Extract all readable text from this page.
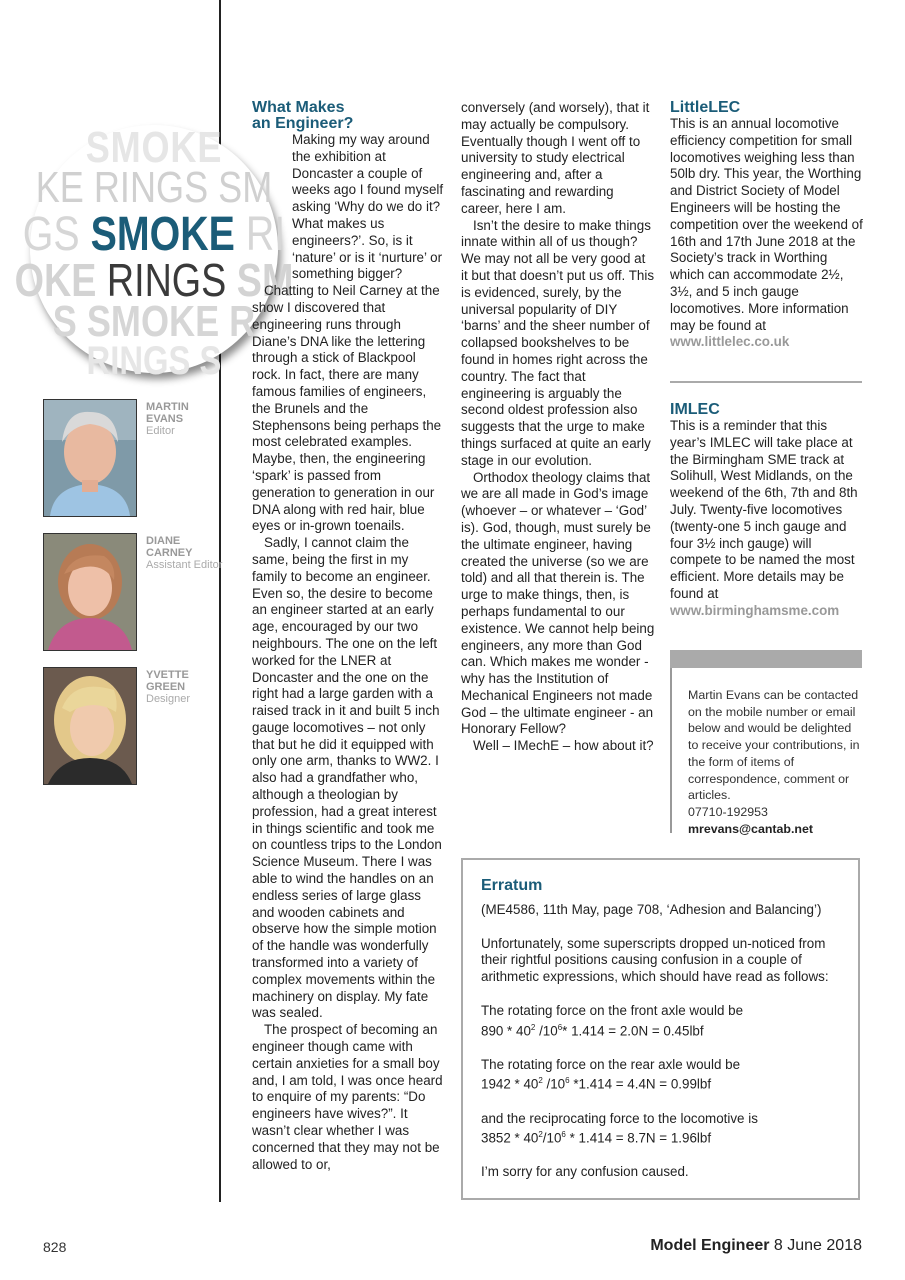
SMOKE
KE RINGS SM
GS SMOKE RI
OKE RINGS SM
S SMOKE R
RINGS S
MARTIN EVANS
Editor
DIANE CARNEY
Assistant Editor
YVETTE GREEN
Designer
What Makes an Engineer?

Making my way around the exhibition at Doncaster a couple of weeks ago I found myself asking ‘Why do we do it? What makes us engineers?’. So, is it ‘nature’ or is it ‘nurture’ or something bigger?

Chatting to Neil Carney at the show I discovered that engineering runs through Diane’s DNA like the lettering through a stick of Blackpool rock. In fact, there are many famous families of engineers, the Brunels and the Stephensons being perhaps the most celebrated examples. Maybe, then, the engineering ‘spark’ is passed from generation to generation in our DNA along with red hair, blue eyes or in-grown toenails.

Sadly, I cannot claim the same, being the first in my family to become an engineer. Even so, the desire to become an engineer started at an early age, encouraged by our two neighbours. The one on the left worked for the LNER at Doncaster and the one on the right had a large garden with a raised track in it and built 5 inch gauge locomotives – not only that but he did it equipped with only one arm, thanks to WW2. I also had a grandfather who, although a theologian by profession, had a great interest in things scientific and took me on countless trips to the London Science Museum. There I was able to wind the handles on an endless series of large glass and wooden cabinets and observe how the simple motion of the handle was wonderfully transformed into a variety of complex movements within the machinery on display. My fate was sealed.

The prospect of becoming an engineer though came with certain anxieties for a small boy and, I am told, I was once heard to enquire of my parents: “Do engineers have wives?”. It wasn’t clear whether I was concerned that they may not be allowed to or,

conversely (and worsely), that it may actually be compulsory. Eventually though I went off to university to study electrical engineering and, after a fascinating and rewarding career, here I am.

Isn’t the desire to make things innate within all of us though? We may not all be very good at it but that doesn’t put us off. This is evidenced, surely, by the universal popularity of DIY ‘barns’ and the sheer number of collapsed bookshelves to be found in homes right across the country. The fact that engineering is arguably the second oldest profession also suggests that the urge to make things surfaced at quite an early stage in our evolution.

Orthodox theology claims that we are all made in God’s image (whoever – or whatever – ‘God’ is). God, though, must surely be the ultimate engineer, having created the universe (so we are told) and all that therein is. The urge to make things, then, is perhaps fundamental to our existence. We cannot help being engineers, any more than God can. Which makes me wonder - why has the Institution of Mechanical Engineers not made God – the ultimate engineer - an Honorary Fellow?

Well – IMechE – how about it?

LittleLEC

This is an annual locomotive efficiency competition for small locomotives weighing less than 50lb dry. This year, the Worthing and District Society of Model Engineers will be hosting the competition over the weekend of 16th and 17th June 2018 at the Society’s track in Worthing which can accommodate 2½, 3½, and 5 inch gauge locomotives. More information may be found at

www.littlelec.co.uk

IMLEC

This is a reminder that this year’s IMLEC will take place at the Birmingham SME track at Solihull, West Midlands, on the weekend of the 6th, 7th and 8th July. Twenty-five locomotives (twenty-one 5 inch gauge and four 3½ inch gauge) will compete to be named the most efficient. More details may be found at

www.birminghamsme.com

Martin Evans can be contacted on the mobile number or email below and would be delighted to receive your contributions, in the form of items of correspondence, comment or articles.
07710-192953
mrevans@cantab.net
Erratum

(ME4586, 11th May, page 708, ‘Adhesion and Balancing’)

Unfortunately, some superscripts dropped un-noticed from their rightful positions causing confusion in a couple of arithmetic expressions, which should have read as follows:

The rotating force on the front axle would be
$890 * 40^2$ $/10^6*$ 1.414 = 2.0N = 0.45lbf

The rotating force on the rear axle would be
$1942 * 40^2$ $/10^6$ *1.414 = 4.4N = 0.99lbf

and the reciprocating force to the locomotive is
$3852 * 40^2/10^6 * 1.414 = 8.7N = 1.96lbf$

I’m sorry for any confusion caused.

828	Model Engineer 8 June 2018
